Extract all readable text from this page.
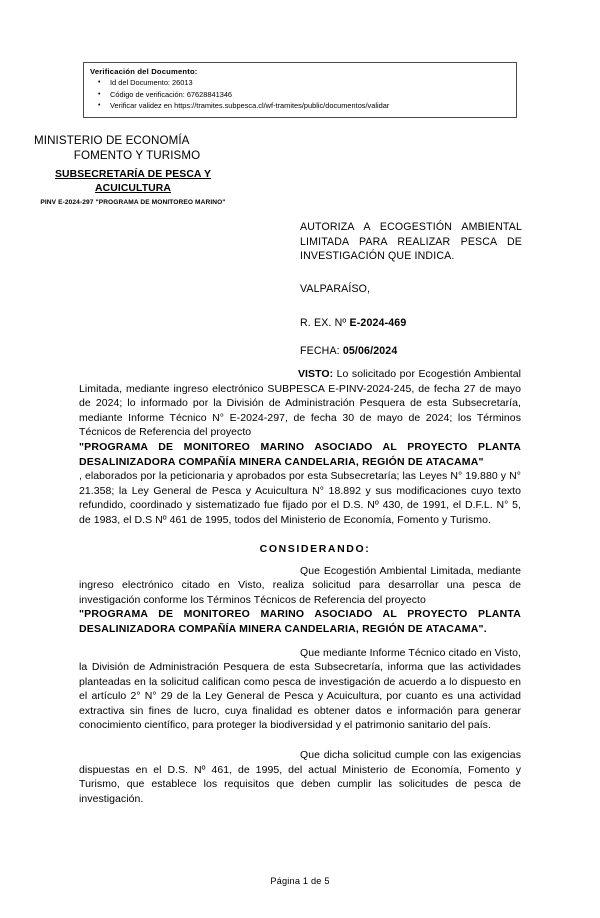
Verificación del Documento:
• Id del Documento: 26013
• Código de verificación: 67628841346
• Verificar validez en https://tramites.subpesca.cl/wf-tramites/public/documentos/validar
MINISTERIO DE ECONOMÍA
FOMENTO Y TURISMO
SUBSECRETARÍA DE PESCA Y ACUICULTURA
PINV E-2024-297 "PROGRAMA DE MONITOREO MARINO"
AUTORIZA A ECOGESTIÓN AMBIENTAL LIMITADA PARA REALIZAR PESCA DE INVESTIGACIÓN QUE INDICA.
VALPARAÍSO,
R. EX. Nº E-2024-469
FECHA: 05/06/2024

VISTO: Lo solicitado por Ecogestión Ambiental Limitada, mediante ingreso electrónico SUBPESCA E-PINV-2024-245, de fecha 27 de mayo de 2024; lo informado por la División de Administración Pesquera de esta Subsecretaría, mediante Informe Técnico N° E-2024-297, de fecha 30 de mayo de 2024; los Términos Técnicos de Referencia del proyecto

"PROGRAMA DE MONITOREO MARINO ASOCIADO AL PROYECTO PLANTA DESALINIZADORA COMPAÑÍA MINERA CANDELARIA, REGIÓN DE ATACAMA"

, elaborados por la peticionaria y aprobados por esta Subsecretaría; las Leyes N° 19.880 y N° 21.358; la Ley General de Pesca y Acuicultura N° 18.892 y sus modificaciones cuyo texto refundido, coordinado y sistematizado fue fijado por el D.S. Nº 430, de 1991, el D.F.L. N° 5, de 1983, el D.S Nº 461 de 1995, todos del Ministerio de Economía, Fomento y Turismo.

CONSIDERANDO:

Que Ecogestión Ambiental Limitada, mediante ingreso electrónico citado en Visto, realiza solicitud para desarrollar una pesca de investigación conforme los Términos Técnicos de Referencia del proyecto

"PROGRAMA DE MONITOREO MARINO ASOCIADO AL PROYECTO PLANTA DESALINIZADORA COMPAÑÍA MINERA CANDELARIA, REGIÓN DE ATACAMA".

Que mediante Informe Técnico citado en Visto, la División de Administración Pesquera de esta Subsecretaría, informa que las actividades planteadas en la solicitud califican como pesca de investigación de acuerdo a lo dispuesto en el artículo 2° N° 29 de la Ley General de Pesca y Acuicultura, por cuanto es una actividad extractiva sin fines de lucro, cuya finalidad es obtener datos e información para generar conocimiento científico, para proteger la biodiversidad y el patrimonio sanitario del país.

Que dicha solicitud cumple con las exigencias dispuestas en el D.S. Nº 461, de 1995, del actual Ministerio de Economía, Fomento y Turismo, que establece los requisitos que deben cumplir las solicitudes de pesca de investigación.

Página 1 de 5
